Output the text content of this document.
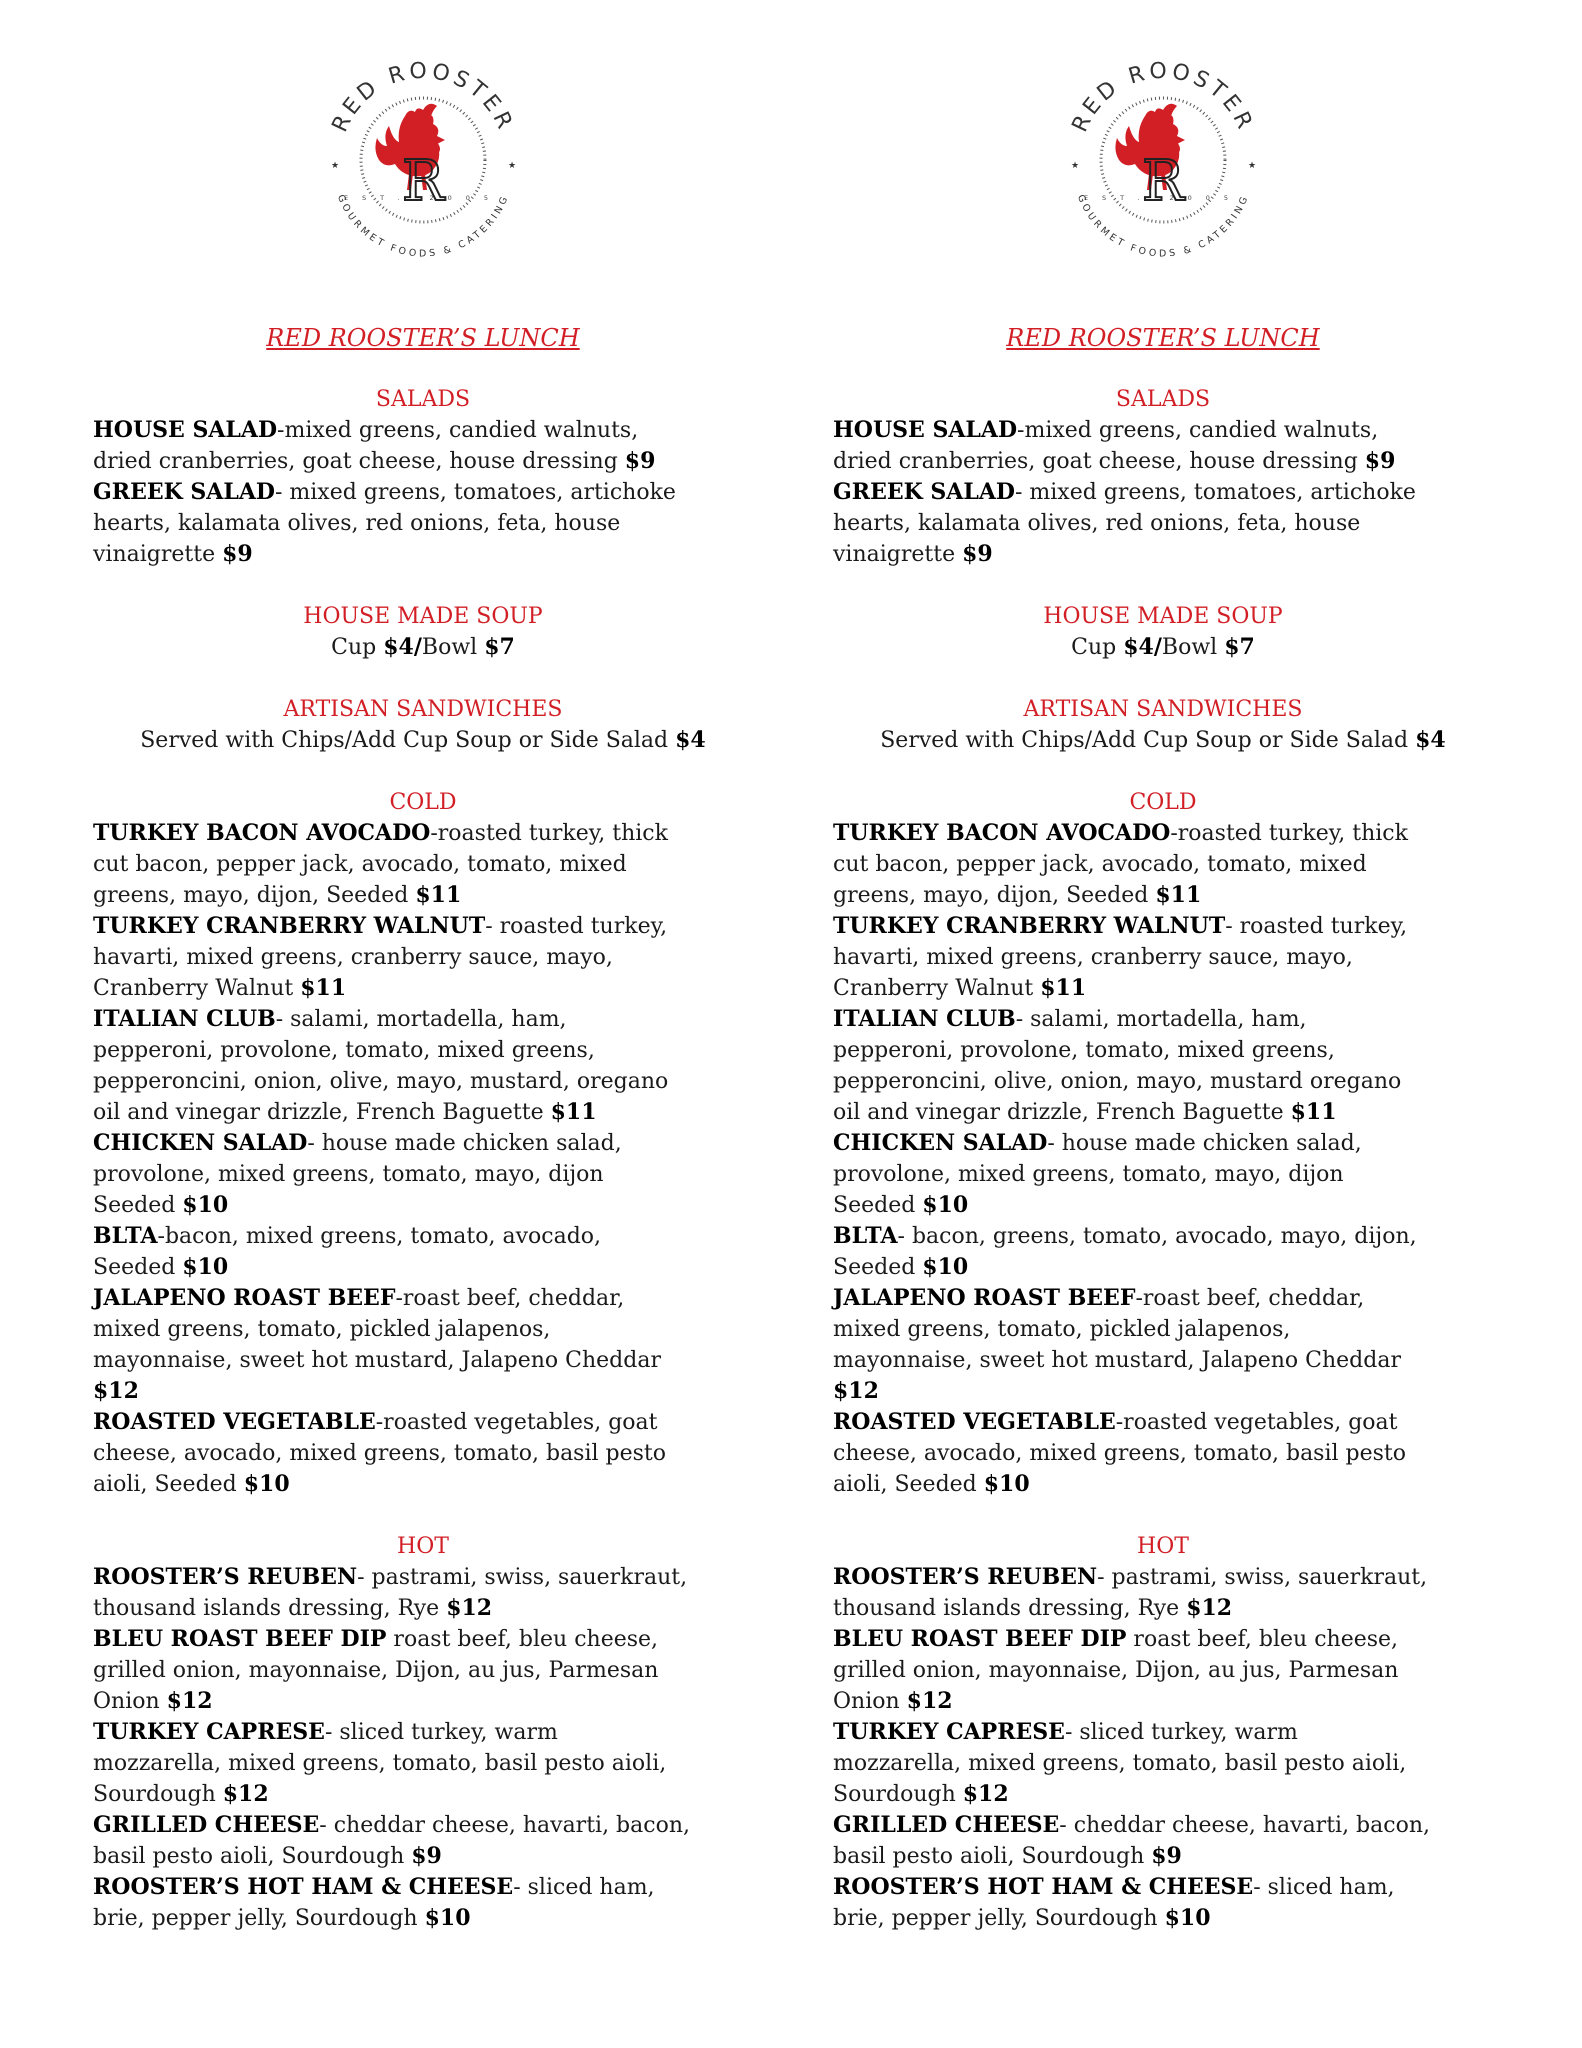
RED ROOSTER
GOURMET FOODS & CATERING
★	★
R
EST. 2005
RED ROOSTER’S LUNCH
SALADS
HOUSE SALAD-mixed greens, candied walnuts,
dried cranberries, goat cheese, house dressing $9
GREEK SALAD- mixed greens, tomatoes, artichoke
hearts, kalamata olives, red onions, feta, house
vinaigrette $9
HOUSE MADE SOUP
Cup $4/Bowl $7
ARTISAN SANDWICHES
Served with Chips/Add Cup Soup or Side Salad $4
COLD
TURKEY BACON AVOCADO-roasted turkey, thick
cut bacon, pepper jack, avocado, tomato, mixed
greens, mayo, dijon, Seeded $11
TURKEY CRANBERRY WALNUT- roasted turkey,
havarti, mixed greens, cranberry sauce, mayo,
Cranberry Walnut $11
ITALIAN CLUB- salami, mortadella, ham,
pepperoni, provolone, tomato, mixed greens,
pepperoncini, onion, olive, mayo, mustard, oregano
oil and vinegar drizzle, French Baguette $11
CHICKEN SALAD- house made chicken salad,
provolone, mixed greens, tomato, mayo, dijon
Seeded $10
BLTA-bacon, mixed greens, tomato, avocado,
Seeded $10
JALAPENO ROAST BEEF-roast beef, cheddar,
mixed greens, tomato, pickled jalapenos,
mayonnaise, sweet hot mustard, Jalapeno Cheddar
$12
ROASTED VEGETABLE-roasted vegetables, goat
cheese, avocado, mixed greens, tomato, basil pesto
aioli, Seeded $10
HOT
ROOSTER’S REUBEN- pastrami, swiss, sauerkraut,
thousand islands dressing, Rye $12
BLEU ROAST BEEF DIP roast beef, bleu cheese,
grilled onion, mayonnaise, Dijon, au jus, Parmesan
Onion $12
TURKEY CAPRESE- sliced turkey, warm
mozzarella, mixed greens, tomato, basil pesto aioli,
Sourdough $12
GRILLED CHEESE- cheddar cheese, havarti, bacon,
basil pesto aioli, Sourdough $9
ROOSTER’S HOT HAM & CHEESE- sliced ham,
brie, pepper jelly, Sourdough $10
RED ROOSTER
GOURMET FOODS & CATERING
★	★
R
EST. 2005
RED ROOSTER’S LUNCH
SALADS
HOUSE SALAD-mixed greens, candied walnuts,
dried cranberries, goat cheese, house dressing $9
GREEK SALAD- mixed greens, tomatoes, artichoke
hearts, kalamata olives, red onions, feta, house
vinaigrette $9
HOUSE MADE SOUP
Cup $4/Bowl $7
ARTISAN SANDWICHES
Served with Chips/Add Cup Soup or Side Salad $4
COLD
TURKEY BACON AVOCADO-roasted turkey, thick
cut bacon, pepper jack, avocado, tomato, mixed
greens, mayo, dijon, Seeded $11
TURKEY CRANBERRY WALNUT- roasted turkey,
havarti, mixed greens, cranberry sauce, mayo,
Cranberry Walnut $11
ITALIAN CLUB- salami, mortadella, ham,
pepperoni, provolone, tomato, mixed greens,
pepperoncini, olive, onion, mayo, mustard oregano
oil and vinegar drizzle, French Baguette $11
CHICKEN SALAD- house made chicken salad,
provolone, mixed greens, tomato, mayo, dijon
Seeded $10
BLTA- bacon, greens, tomato, avocado, mayo, dijon,
Seeded $10
JALAPENO ROAST BEEF-roast beef, cheddar,
mixed greens, tomato, pickled jalapenos,
mayonnaise, sweet hot mustard, Jalapeno Cheddar
$12
ROASTED VEGETABLE-roasted vegetables, goat
cheese, avocado, mixed greens, tomato, basil pesto
aioli, Seeded $10
HOT
ROOSTER’S REUBEN- pastrami, swiss, sauerkraut,
thousand islands dressing, Rye $12
BLEU ROAST BEEF DIP roast beef, bleu cheese,
grilled onion, mayonnaise, Dijon, au jus, Parmesan
Onion $12
TURKEY CAPRESE- sliced turkey, warm
mozzarella, mixed greens, tomato, basil pesto aioli,
Sourdough $12
GRILLED CHEESE- cheddar cheese, havarti, bacon,
basil pesto aioli, Sourdough $9
ROOSTER’S HOT HAM & CHEESE- sliced ham,
brie, pepper jelly, Sourdough $10
